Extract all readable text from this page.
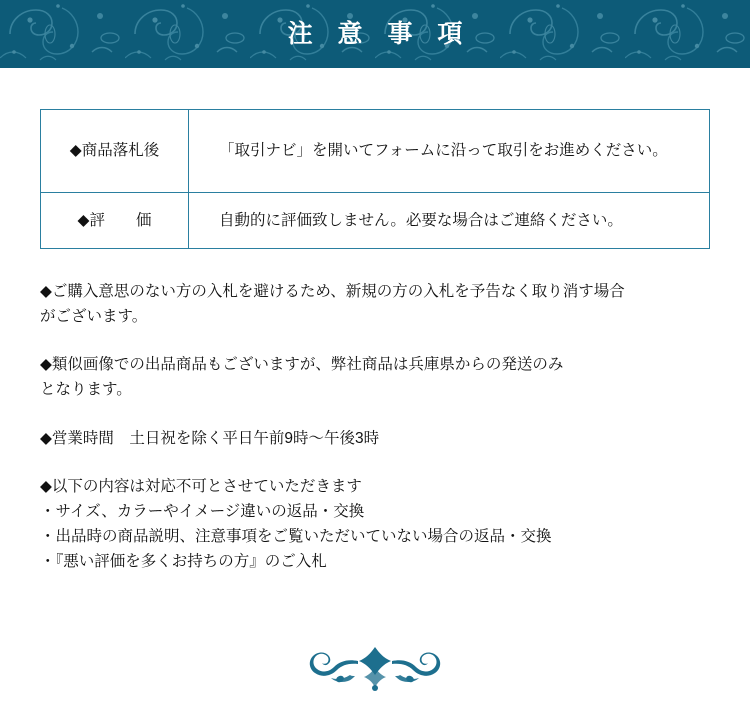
注 意 事 項
◆商品落札後	「取引ナビ」を開いてフォームに沿って取引をお進めください。
◆評　　価	自動的に評価致しません。必要な場合はご連絡ください。
◆ご購入意思のない方の入札を避けるため、新規の方の入札を予告なく取り消す場合
がございます。
◆類似画像での出品商品もございますが、弊社商品は兵庫県からの発送のみ
となります。
◆営業時間　土日祝を除く平日午前9時〜午後3時
◆以下の内容は対応不可とさせていただきます
・サイズ、カラーやイメージ違いの返品・交換
・出品時の商品説明、注意事項をご覧いただいていない場合の返品・交換
・『悪い評価を多くお持ちの方』のご入札
